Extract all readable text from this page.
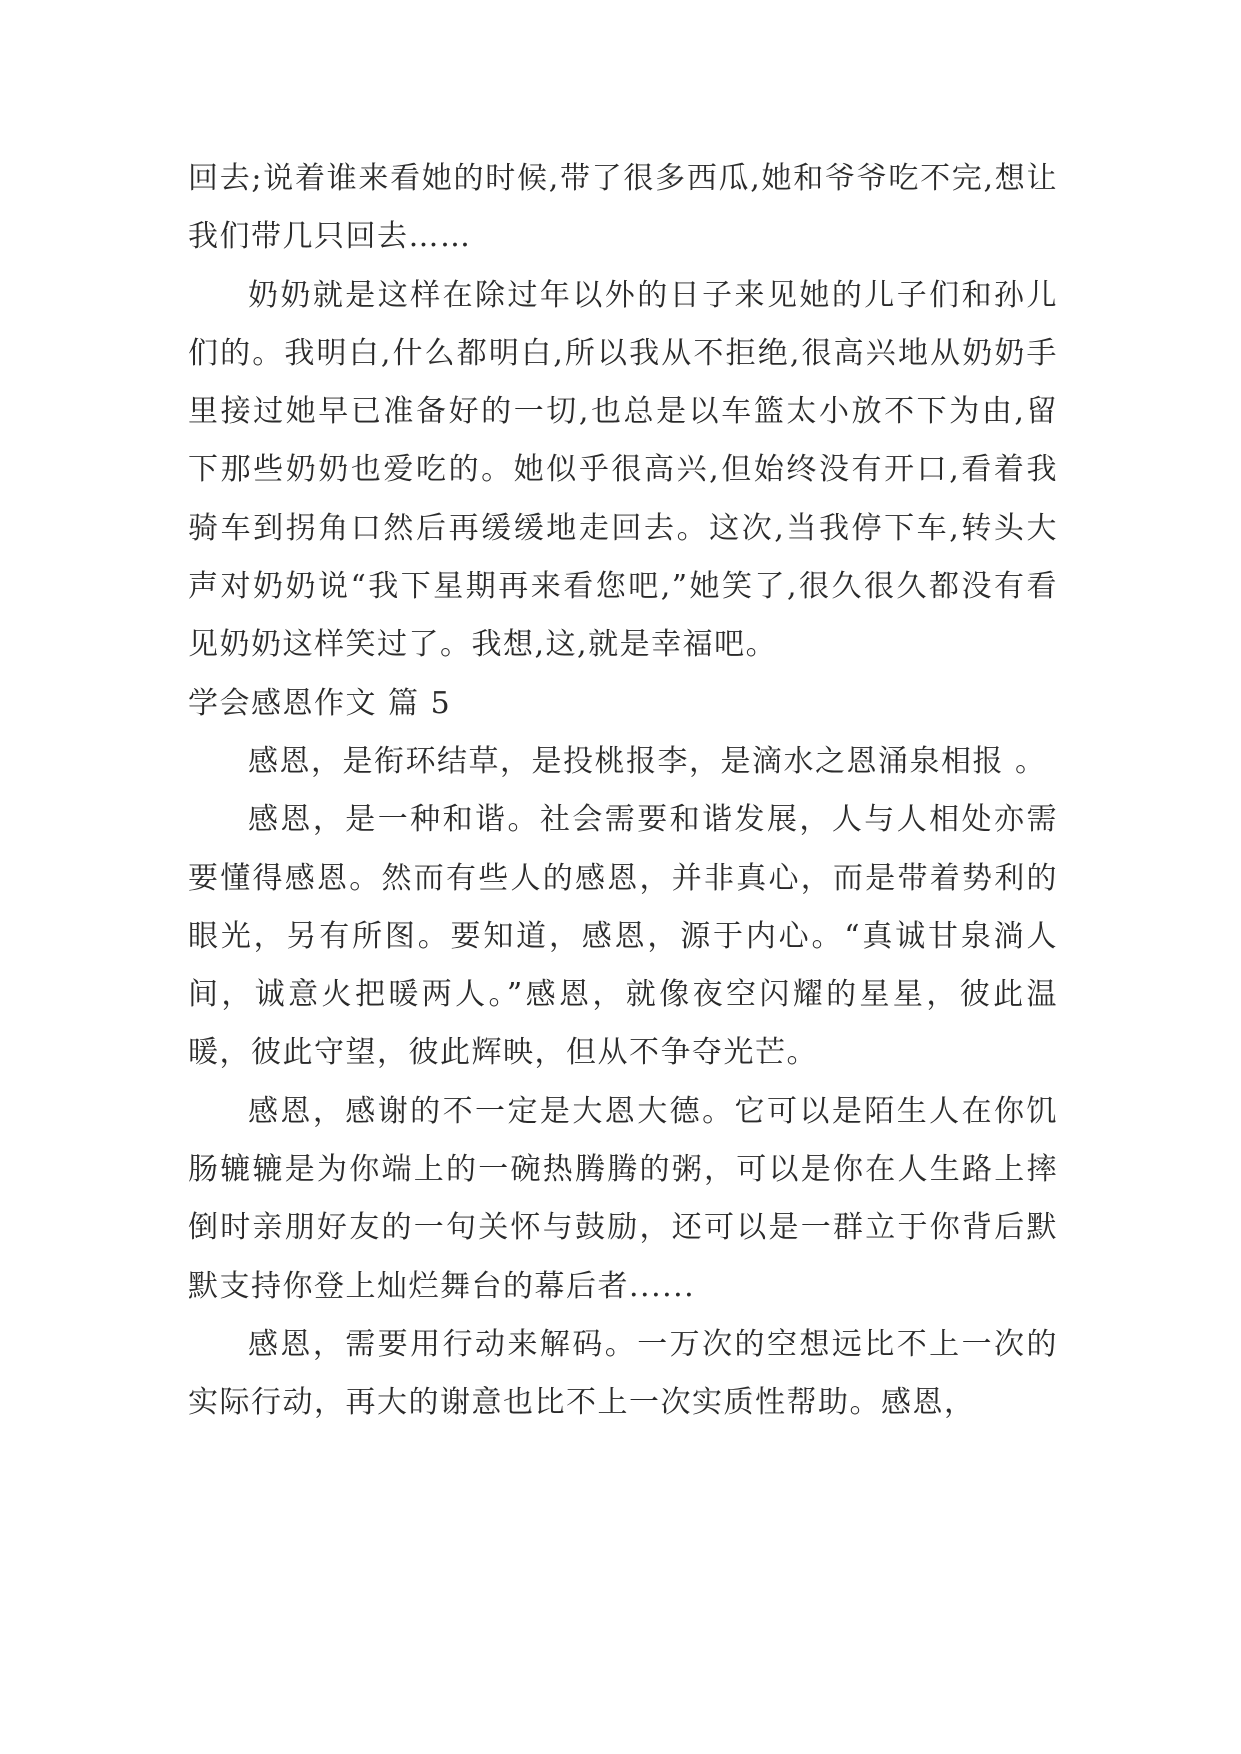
回去;说着谁来看她的时候,带了很多西瓜,她和爷爷吃不完,想让我们带几只回去……

奶奶就是这样在除过年以外的日子来见她的儿子们和孙儿们的。我明白,什么都明白,所以我从不拒绝,很高兴地从奶奶手里接过她早已准备好的一切,也总是以车篮太小放不下为由,留下那些奶奶也爱吃的。她似乎很高兴,但始终没有开口,看着我骑车到拐角口然后再缓缓地走回去。这次,当我停下车,转头大声对奶奶说“我下星期再来看您吧,”她笑了,很久很久都没有看见奶奶这样笑过了。我想,这,就是幸福吧。

学会感恩作文 篇 5

感恩，是衔环结草，是投桃报李，是滴水之恩涌泉相报 。

感恩，是一种和谐。社会需要和谐发展，人与人相处亦需要懂得感恩。然而有些人的感恩，并非真心，而是带着势利的眼光，另有所图。要知道，感恩，源于内心。“真诚甘泉淌人间，诚意火把暖两人。”感恩，就像夜空闪耀的星星，彼此温暖，彼此守望，彼此辉映，但从不争夺光芒。

感恩，感谢的不一定是大恩大德。它可以是陌生人在你饥肠辘辘是为你端上的一碗热腾腾的粥，可以是你在人生路上摔倒时亲朋好友的一句关怀与鼓励，还可以是一群立于你背后默默支持你登上灿烂舞台的幕后者......

感恩，需要用行动来解码。一万次的空想远比不上一次的实际行动，再大的谢意也比不上一次实质性帮助。感恩，
